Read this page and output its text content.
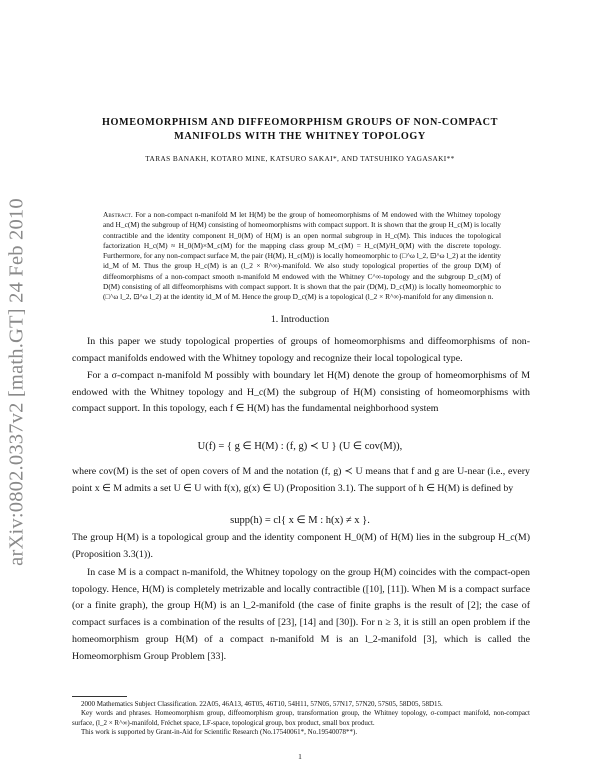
arXiv:0802.0337v2 [math.GT] 24 Feb 2010
HOMEOMORPHISM AND DIFFEOMORPHISM GROUPS OF NON-COMPACT
MANIFOLDS WITH THE WHITNEY TOPOLOGY
TARAS BANAKH, KOTARO MINE, KATSURO SAKAI*, AND TATSUHIKO YAGASAKI**
Abstract. For a non-compact n-manifold M let H(M) be the group of homeomorphisms of M endowed with the Whitney topology and H_c(M) the subgroup of H(M) consisting of homeomorphisms with compact support. It is shown that the group H_c(M) is locally contractible and the identity component H_0(M) of H(M) is an open normal subgroup in H_c(M). This induces the topological factorization H_c(M) ≈ H_0(M)×M_c(M) for the mapping class group M_c(M) = H_c(M)/H_0(M) with the discrete topology. Furthermore, for any non-compact surface M, the pair (H(M), H_c(M)) is locally homeomorphic to (□^ω l_2, ⊡^ω l_2) at the identity id_M of M. Thus the group H_c(M) is an (l_2 × R^∞)-manifold. We also study topological properties of the group D(M) of diffeomorphisms of a non-compact smooth n-manifold M endowed with the Whitney C^∞-topology and the subgroup D_c(M) of D(M) consisting of all diffeomorphisms with compact support. It is shown that the pair (D(M), D_c(M)) is locally homeomorphic to (□^ω l_2, ⊡^ω l_2) at the identity id_M of M. Hence the group D_c(M) is a topological (l_2 × R^∞)-manifold for any dimension n.
1. Introduction

In this paper we study topological properties of groups of homeomorphisms and diffeomorphisms of non-compact manifolds endowed with the Whitney topology and recognize their local topological type.

For a σ-compact n-manifold M possibly with boundary let H(M) denote the group of homeomorphisms of M endowed with the Whitney topology and H_c(M) the subgroup of H(M) consisting of homeomorphisms with compact support. In this topology, each f ∈ H(M) has the fundamental neighborhood system

U(f) = { g ∈ H(M) : (f, g) ≺ U } (U ∈ cov(M)),

where cov(M) is the set of open covers of M and the notation (f, g) ≺ U means that f and g are U-near (i.e., every point x ∈ M admits a set U ∈ U with f(x), g(x) ∈ U) (Proposition 3.1). The support of h ∈ H(M) is defined by

supp(h) = cl{ x ∈ M : h(x) ≠ x }.

The group H(M) is a topological group and the identity component H_0(M) of H(M) lies in the subgroup H_c(M) (Proposition 3.3(1)).

In case M is a compact n-manifold, the Whitney topology on the group H(M) coincides with the compact-open topology. Hence, H(M) is completely metrizable and locally contractible ([10], [11]). When M is a compact surface (or a finite graph), the group H(M) is an l_2-manifold (the case of finite graphs is the result of [2]; the case of compact surfaces is a combination of the results of [23], [14] and [30]). For n ≥ 3, it is still an open problem if the homeomorphism group H(M) of a compact n-manifold M is an l_2-manifold [3], which is called the Homeomorphism Group Problem [33].

2000 Mathematics Subject Classification. 22A05, 46A13, 46T05, 46T10, 54H11, 57N05, 57N17, 57N20, 57S05, 58D05, 58D15.

Key words and phrases. Homeomorphism group, diffeomorphism group, transformation group, the Whitney topology, σ-compact manifold, non-compact surface, (l_2 × R^∞)-manifold, Fréchet space, LF-space, topological group, box product, small box product.

This work is supported by Grant-in-Aid for Scientific Research (No.17540061*, No.19540078**).

1
